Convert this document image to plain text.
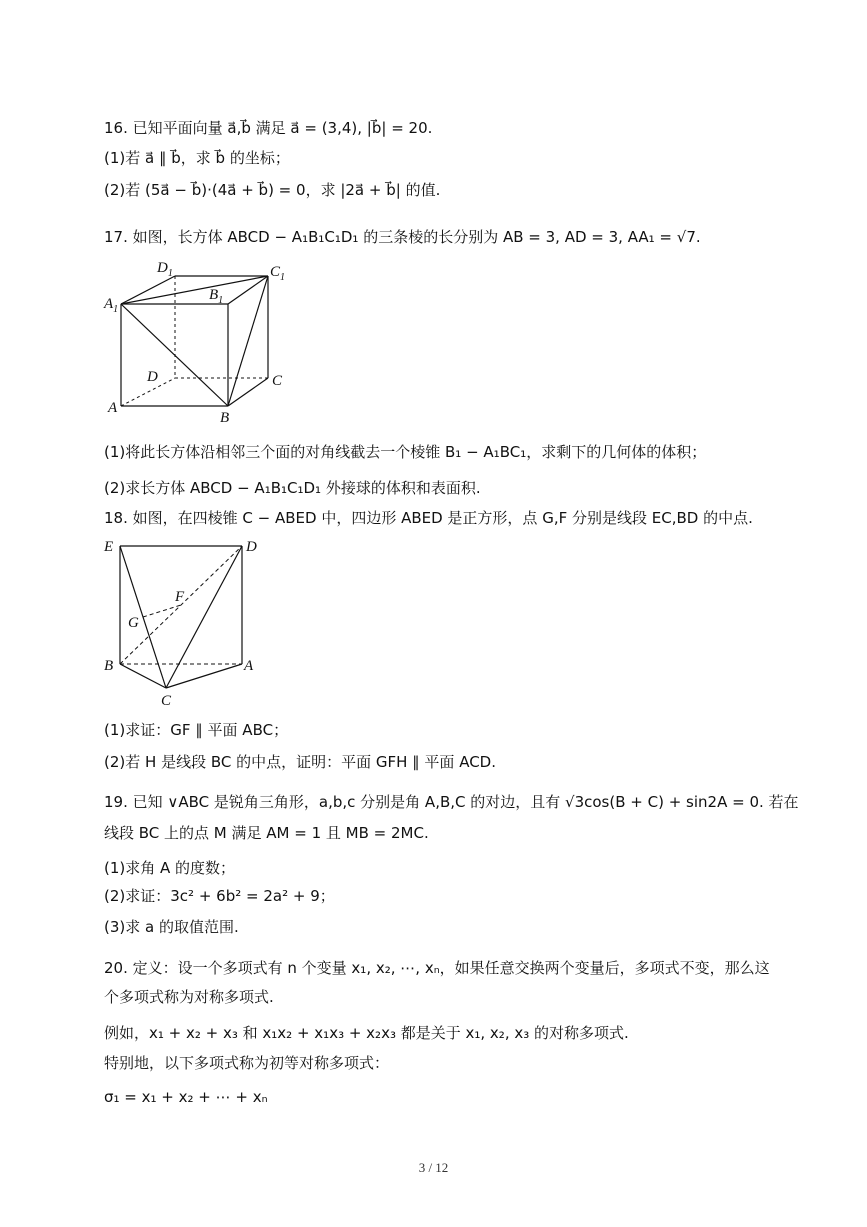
16. 已知平面向量 a⃗,b⃗ 满足 a⃗ = (3,4), |b⃗| = 20.
(1)若 a⃗ ∥ b⃗，求 b⃗ 的坐标；
(2)若 (5a⃗ − b⃗)·(4a⃗ + b⃗) = 0，求 |2a⃗ + b⃗| 的值.
17. 如图，长方体 ABCD − A₁B₁C₁D₁ 的三条棱的长分别为 AB = 3, AD = 3, AA₁ = √7.
(1)将此长方体沿相邻三个面的对角线截去一个棱锥 B₁ − A₁BC₁，求剩下的几何体的体积；
(2)求长方体 ABCD − A₁B₁C₁D₁ 外接球的体积和表面积.
18. 如图，在四棱锥 C − ABED 中，四边形 ABED 是正方形，点 G,F 分别是线段 EC,BD 的中点.
(1)求证：GF ∥ 平面 ABC；
(2)若 H 是线段 BC 的中点，证明：平面 GFH ∥ 平面 ACD.
19. 已知 ∨ABC 是锐角三角形，a,b,c 分别是角 A,B,C 的对边，且有 √3cos(B + C) + sin2A = 0. 若在
线段 BC 上的点 M 满足 AM = 1 且 MB = 2MC.
(1)求角 A 的度数；
(2)求证：3c² + 6b² = 2a² + 9；
(3)求 a 的取值范围.
20. 定义：设一个多项式有 n 个变量 x₁, x₂, ⋯, xₙ，如果任意交换两个变量后，多项式不变，那么这
个多项式称为对称多项式.
例如，x₁ + x₂ + x₃ 和 x₁x₂ + x₁x₃ + x₂x₃ 都是关于 x₁, x₂, x₃ 的对称多项式.
特别地，以下多项式称为初等对称多项式：
σ₁ = x₁ + x₂ + ⋯ + xₙ
$D_1$	$C_1$
$B_1$
$A_1$
D	C
A
B
E	D
F
G
B	A
C
3 / 12
